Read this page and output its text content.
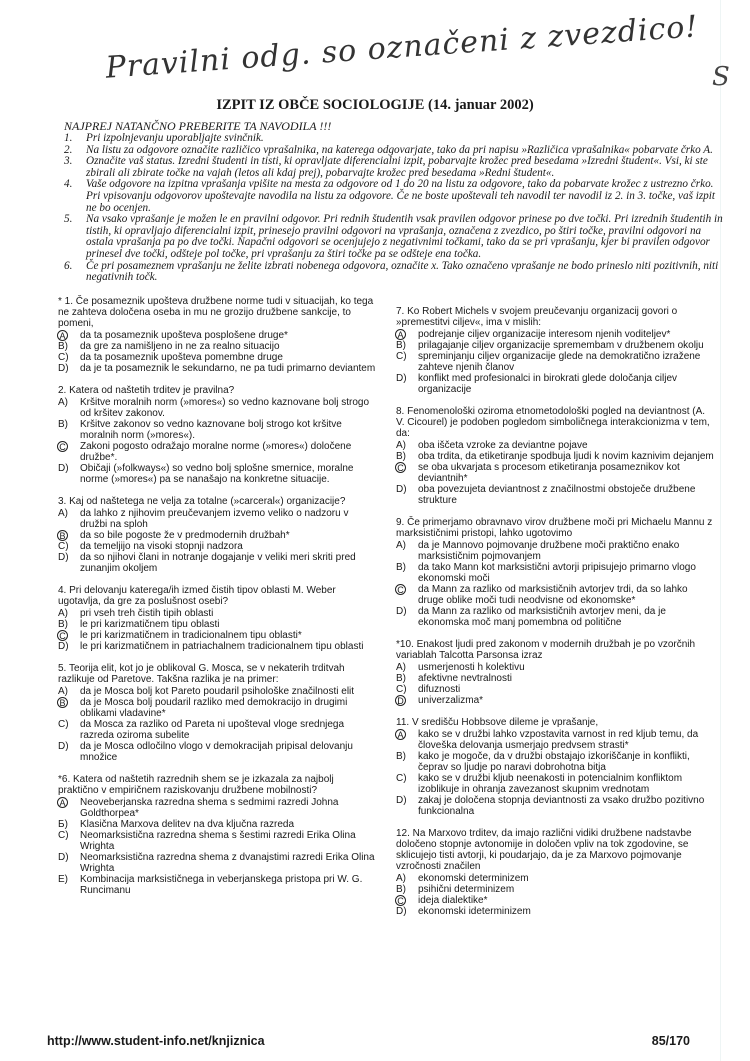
Pravilni odg. so označeni z zvezdico! S
IZPIT IZ OBČE SOCIOLOGIJE (14. januar 2002)
NAJPREJ NATANČNO PREBERITE TA NAVODILA !!!
1. Pri izpolnjevanju uporabljajte svinčnik.
2. Na listu za odgovore označite različico vprašalnika, na katerega odgovarjate, tako da pri napisu »Različica vprašalnika« pobarvate črko A.
3. Označite vaš status. Izredni študenti in tisti, ki opravljate diferencialni izpit, pobarvajte krožec pred besedama »Izredni študent«. Vsi, ki ste zbirali ali zbirate točke na vajah (letos ali kdaj prej), pobarvajte krožec pred besedama »Redni študent«.
4. Vaše odgovore na izpitna vprašanja vpišite na mesta za odgovore od 1 do 20 na listu za odgovore, tako da pobarvate krožec z ustrezno črko. Pri vpisovanju odgovorov upoštevajte navodila na listu za odgovore. Če ne boste upoštevali teh navodil ter navodil iz 2. in 3. točke, vaš izpit ne bo ocenjen.
5. Na vsako vprašanje je možen le en pravilni odgovor. Pri rednih študentih vsak pravilen odgovor prinese po dve točki. Pri izrednih študentih in tistih, ki opravljajo diferencialni izpit, prinesejo pravilni odgovori na vprašanja, označena z zvezdico, po štiri točke, pravilni odgovori na ostala vprašanja pa po dve točki. Napačni odgovori se ocenjujejo z negativnimi točkami, tako da se pri vprašanju, kjer bi pravilen odgovor prinesel dve točki, odšteje pol točke, pri vprašanju za štiri točke pa se odšteje ena točka.
6. Če pri posameznem vprašanju ne želite izbrati nobenega odgovora, označite x. Tako označeno vprašanje ne bodo prineslo niti pozitivnih, niti negativnih točk.
* 1. Če posameznik upošteva družbene norme tudi v situacijah, ko tega ne zahteva določena oseba in mu ne grozijo družbene sankcije, to pomeni,
A da ta posameznik upošteva posplošene druge*
B)	da gre za namišljeno in ne za realno situacijo
C)	da ta posameznik upošteva pomembne druge
D)	da je ta posameznik le sekundarno, ne pa tudi primarno deviantem
2. Katera od naštetih trditev je pravilna?
A)	Kršitve moralnih norm (»mores«) so vedno kaznovane bolj strogo od kršitev zakonov.
B)	Kršitve zakonov so vedno kaznovane bolj strogo kot kršitve moralnih norm (»mores«).
C Zakoni pogosto odražajo moralne norme (»mores«) določene družbe*.
D)	Običaji (»folkways«) so vedno bolj splošne smernice, moralne norme (»mores«) pa se nanašajo na konkretne situacije.
3. Kaj od naštetega ne velja za totalne (»carceral«) organizacije?
A)	da lahko z njihovim preučevanjem izvemo veliko o nadzoru v družbi na sploh
B da so bile pogoste že v predmodernih družbah*
C)	da temeljijo na visoki stopnji nadzora
D)	da so njihovi člani in notranje dogajanje v veliki meri skriti pred zunanjim okoljem
4. Pri delovanju katerega/ih izmed čistih tipov oblasti M. Weber ugotavlja, da gre za poslušnost osebi?
A)	pri vseh treh čistih tipih oblasti
B)	le pri karizmatičnem tipu oblasti
C le pri karizmatičnem in tradicionalnem tipu oblasti*
D)	le pri karizmatičnem in patriachalnem tradicionalnem tipu oblasti
5. Teorija elit, kot jo je oblikoval G. Mosca, se v nekaterih trditvah razlikuje od Paretove. Takšna razlika je na primer:
A)	da je Mosca bolj kot Pareto poudaril psihološke značilnosti elit
B da je Mosca bolj poudaril razliko med demokracijo in drugimi oblikami vladavine*
C)	da Mosca za razliko od Pareta ni upošteval vloge srednjega razreda oziroma subelite
D)	da je Mosca odločilno vlogo v demokracijah pripisal delovanju množice
*6. Katera od naštetih razrednih shem se je izkazala za najbolj praktično v empiričnem raziskovanju družbene mobilnosti?
A Neoveberjanska razredna shema s sedmimi razredi Johna Goldthorpea*
Б)	Klasična Marxova delitev na dva ključna razreda
C)	Neomarksistična razredna shema s šestimi razredi Erika Olina Wrighta
D)	Neomarksistična razredna shema z dvanajstimi razredi Erika Olina Wrighta
E)	Kombinacija marksističnega in veberjanskega pristopa pri W. G. Runcimanu
7. Ko Robert Michels v svojem preučevanju organizacij govori o »premestitvi ciljev«, ima v mislih:
A podrejanje ciljev organizacije interesom njenih voditeljev*
B)	prilagajanje ciljev organizacije spremembam v družbenem okolju
C)	spreminjanju ciljev organizacije glede na demokratično izražene zahteve njenih članov
D)	konflikt med profesionalci in birokrati glede določanja ciljev organizacije
8. Fenomenološki oziroma etnometodološki pogled na deviantnost (A. V. Cicourel) je podoben pogledom simboličnega interakcionizma v tem, da:
A)	oba iščeta vzroke za deviantne pojave
B)	oba trdita, da etiketiranje spodbuja ljudi k novim kaznivim dejanjem
C se oba ukvarjata s procesom etiketiranja posameznikov kot deviantnih*
D)	oba povezujeta deviantnost z značilnostmi obstoječe družbene strukture
9. Če primerjamo obravnavo virov družbene moči pri Michaelu Mannu z marksističnimi pristopi, lahko ugotovimo
A)	da je Mannovo pojmovanje družbene moči praktično enako marksističnim pojmovanjem
B)	da tako Mann kot marksistični avtorji pripisujejo primarno vlogo ekonomski moči
C da Mann za razliko od marksističnih avtorjev trdi, da so lahko druge oblike moči tudi neodvisne od ekonomske*
D)	da Mann za razliko od marksističnih avtorjev meni, da je ekonomska moč manj pomembna od politične
*10. Enakost ljudi pred zakonom v modernih družbah je po vzorčnih variablah Talcotta Parsonsa izraz
A)	usmerjenosti h kolektivu
B)	afektivne nevtralnosti
C)	difuznosti
D univerzalizma*
11. V središču Hobbsove dileme je vprašanje,
A kako se v družbi lahko vzpostavita varnost in red kljub temu, da človeška delovanja usmerjajo predvsem strasti*
B)	kako je mogoče, da v družbi obstajajo izkoriščanje in konflikti, čeprav so ljudje po naravi dobrohotna bitja
C)	kako se v družbi kljub neenakosti in potencialnim konfliktom izoblikuje in ohranja zavezanost skupnim vrednotam
D)	zakaj je določena stopnja deviantnosti za vsako družbo pozitivno funkcionalna
12. Na Marxovo trditev, da imajo različni vidiki družbene nadstavbe določeno stopnje avtonomije in določen vpliv na tok zgodovine, se sklicujejo tisti avtorji, ki poudarjajo, da je za Marxovo pojmovanje vzročnosti značilen
A)	ekonomski determinizem
B)	psihični determinizem
C ideja dialektike*
D)	ekonomski ideterminizem
http://www.student-info.net/knjiznica	85/170
